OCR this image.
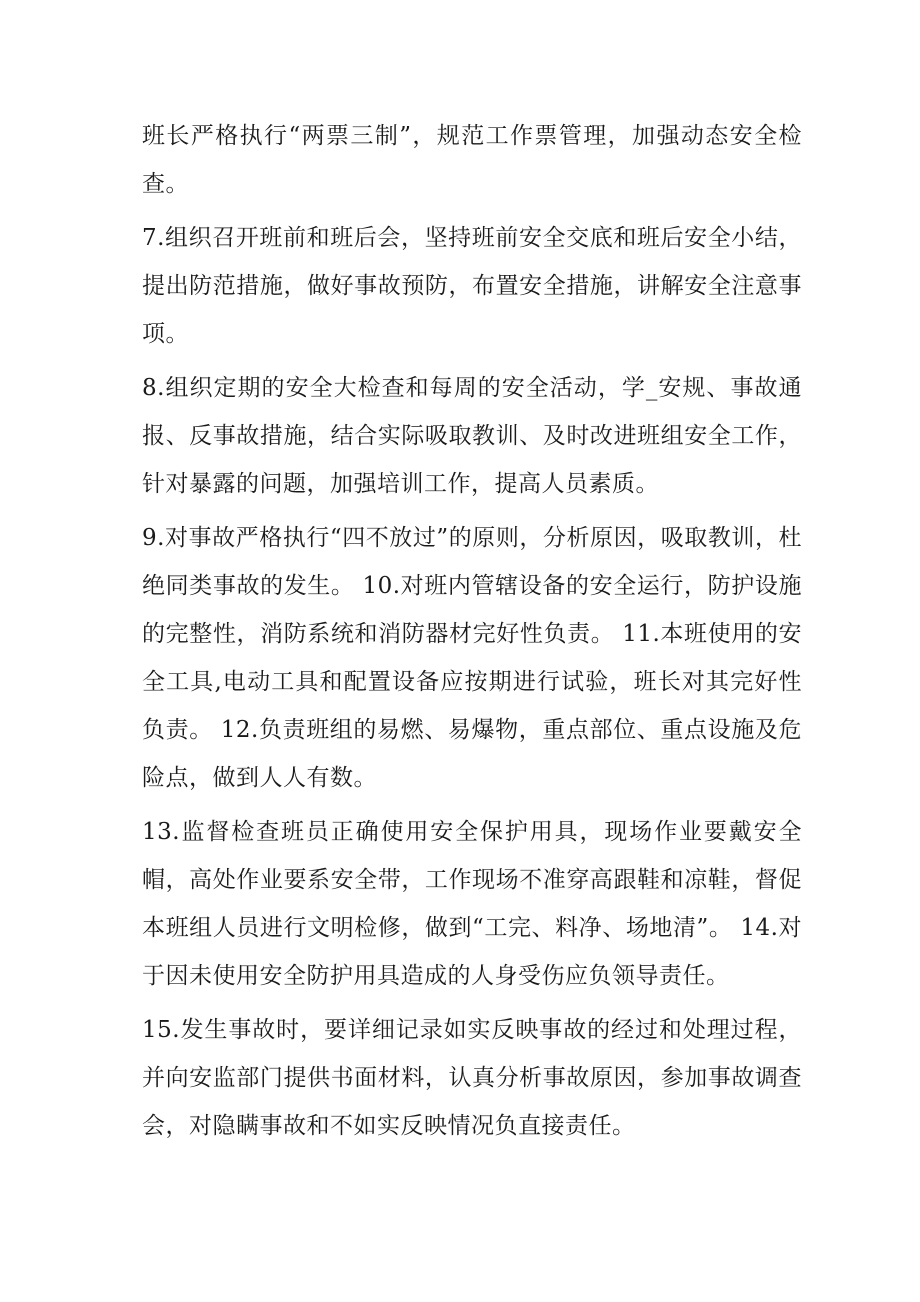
班长严格执行“两票三制”，规范工作票管理，加强动态安全检查。

7.组织召开班前和班后会，坚持班前安全交底和班后安全小结，提出防范措施，做好事故预防，布置安全措施，讲解安全注意事项。

8.组织定期的安全大检查和每周的安全活动，学_安规、事故通报、反事故措施，结合实际吸取教训、及时改进班组安全工作，针对暴露的问题，加强培训工作，提高人员素质。

9.对事故严格执行“四不放过”的原则，分析原因，吸取教训，杜绝同类事故的发生。 10.对班内管辖设备的安全运行，防护设施的完整性，消防系统和消防器材完好性负责。 11.本班使用的安全工具,电动工具和配置设备应按期进行试验，班长对其完好性负责。 12.负责班组的易燃、易爆物，重点部位、重点设施及危险点，做到人人有数。

13.监督检查班员正确使用安全保护用具，现场作业要戴安全帽，高处作业要系安全带，工作现场不准穿高跟鞋和凉鞋，督促本班组人员进行文明检修，做到“工完、料净、场地清”。 14.对于因未使用安全防护用具造成的人身受伤应负领导责任。

15.发生事故时，要详细记录如实反映事故的经过和处理过程，并向安监部门提供书面材料，认真分析事故原因，参加事故调查会，对隐瞒事故和不如实反映情况负直接责任。
